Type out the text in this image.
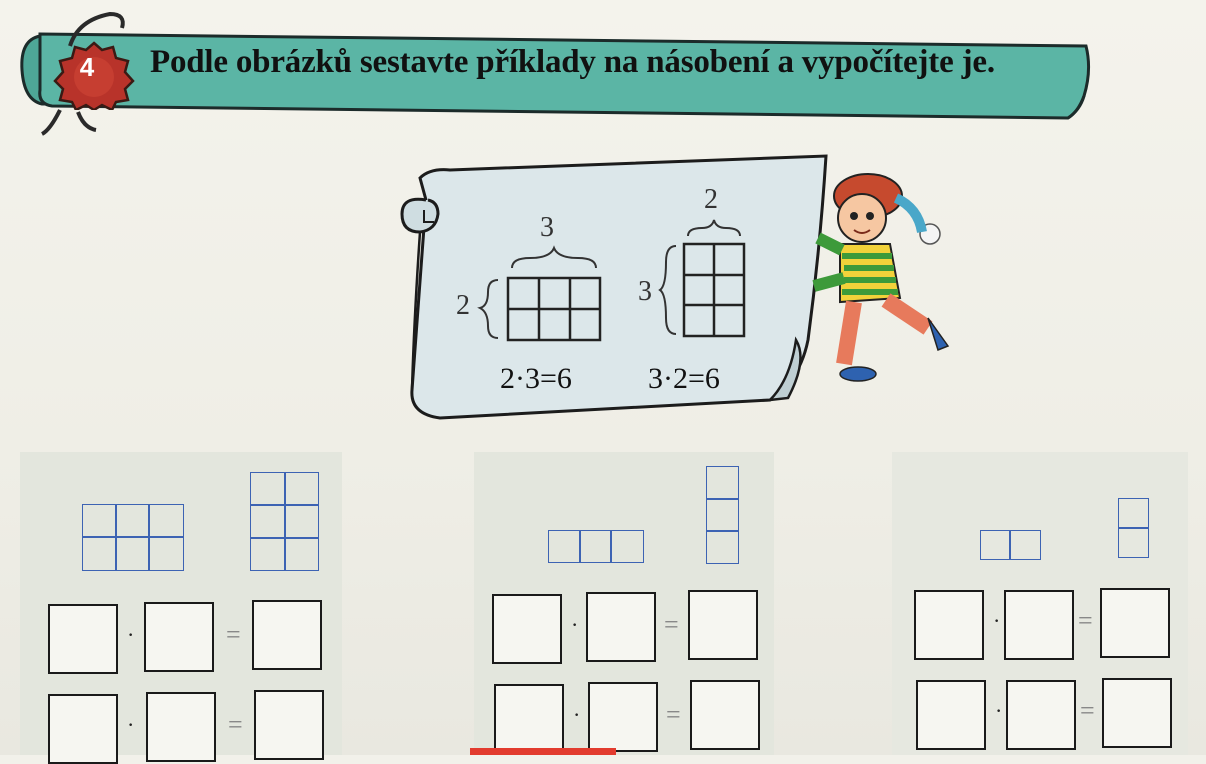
4 Podle obrázků sestavte příklady na násobení a vypočítejte je.
3
2
2·3=6
2
3
3·2=6
·	=
·	=
·	=
·	=
·	=
·	=
